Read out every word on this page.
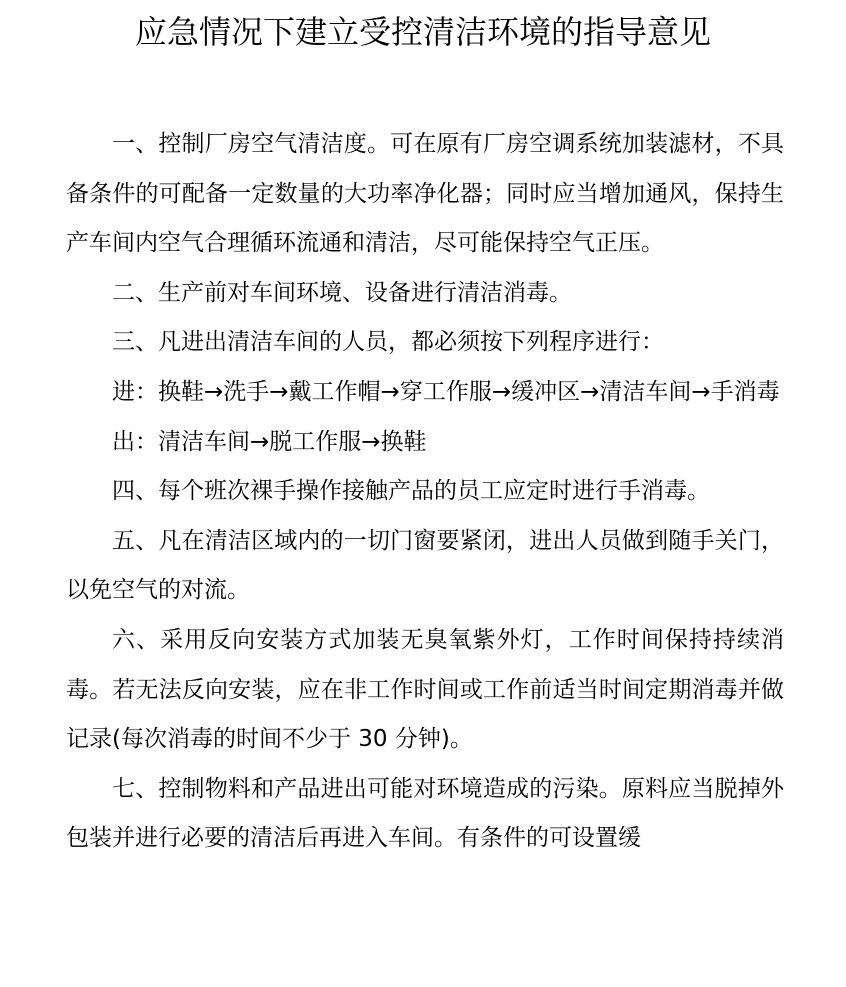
应急情况下建立受控清洁环境的指导意见

一、控制厂房空气清洁度。可在原有厂房空调系统加装滤材，不具备条件的可配备一定数量的大功率净化器；同时应当增加通风，保持生产车间内空气合理循环流通和清洁，尽可能保持空气正压。

二、生产前对车间环境、设备进行清洁消毒。

三、凡进出清洁车间的人员，都必须按下列程序进行：

进：换鞋→洗手→戴工作帽→穿工作服→缓冲区→清洁车间→手消毒

出：清洁车间→脱工作服→换鞋

四、每个班次裸手操作接触产品的员工应定时进行手消毒。

五、凡在清洁区域内的一切门窗要紧闭，进出人员做到随手关门，以免空气的对流。

六、采用反向安装方式加装无臭氧紫外灯，工作时间保持持续消毒。若无法反向安装，应在非工作时间或工作前适当时间定期消毒并做记录(每次消毒的时间不少于 30 分钟)。

七、控制物料和产品进出可能对环境造成的污染。原料应当脱掉外包装并进行必要的清洁后再进入车间。有条件的可设置缓
